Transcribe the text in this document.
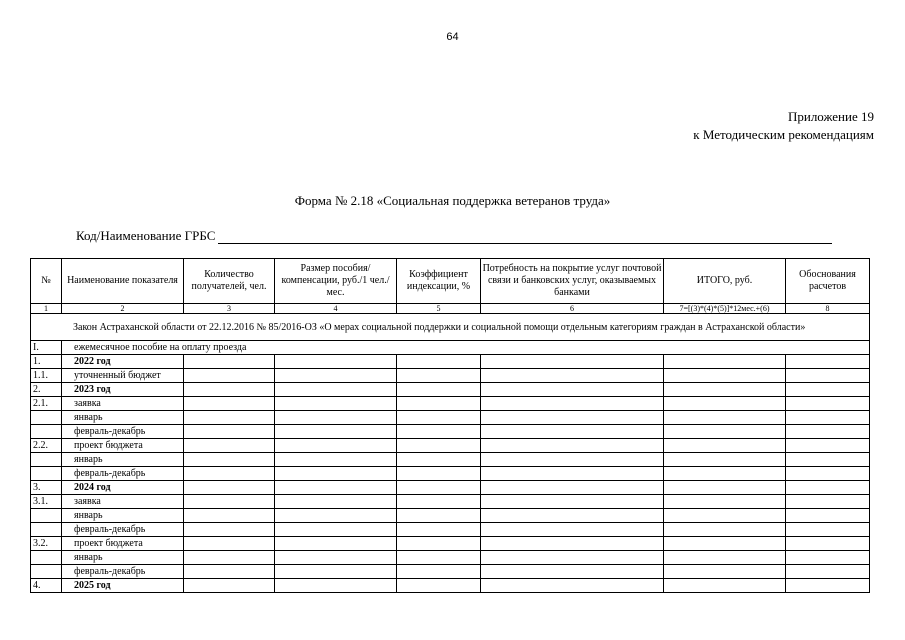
64
Приложение 19
к Методическим рекомендациям
Форма № 2.18 «Социальная поддержка ветеранов труда»
Код/Наименование ГРБС
№	Наименование показателя	Количество получателей, чел.	Размер пособия/компенсации, руб./1 чел./мес.	Коэффициент индексации, %	Потребность на покрытие услуг почтовой связи и банковских услуг, оказываемых банками	ИТОГО, руб.	Обоснования расчетов
1	2	3	4	5	6	7=[(3)*(4)*(5)]*12мес.+(6)	8
Закон Астраханской области от 22.12.2016 № 85/2016-ОЗ «О мерах социальной поддержки и социальной помощи отдельным категориям граждан в Астраханской области»							
I.	ежемесячное пособие на оплату проезда						
1.	2022 год						
1.1.	уточненный бюджет						
2.	2023 год						
2.1.	заявка						
	январь						
	февраль-декабрь						
2.2.	проект бюджета						
	январь						
	февраль-декабрь						
3.	2024 год						
3.1.	заявка						
	январь						
	февраль-декабрь						
3.2.	проект бюджета						
	январь						
	февраль-декабрь						
4.	2025 год						
